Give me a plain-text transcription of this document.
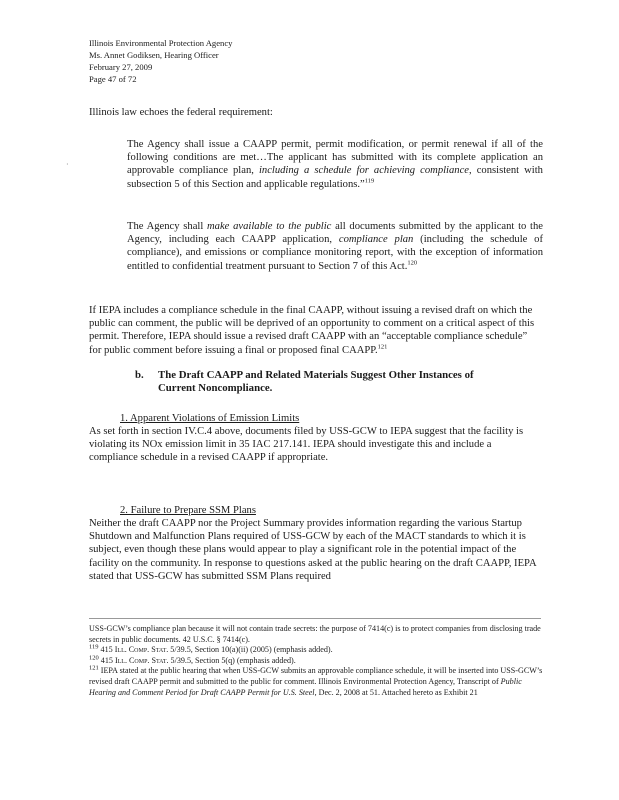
Illinois Environmental Protection Agency
Ms. Annet Godiksen, Hearing Officer
February 27, 2009
Page 47 of 72
·
Illinois law echoes the federal requirement:
The Agency shall issue a CAAPP permit, permit modification, or permit renewal if all of the following conditions are met…The applicant has submitted with its complete application an approvable compliance plan, including a schedule for achieving compliance, consistent with subsection 5 of this Section and applicable regulations.”$^{119}$
The Agency shall make available to the public all documents submitted by the applicant to the Agency, including each CAAPP application, compliance plan (including the schedule of compliance), and emissions or compliance monitoring report, with the exception of information entitled to confidential treatment pursuant to Section 7 of this Act.$^{120}$
If IEPA includes a compliance schedule in the final CAAPP, without issuing a revised draft on which the public can comment, the public will be deprived of an opportunity to comment on a critical aspect of this permit. Therefore, IEPA should issue a revised draft CAAPP with an “acceptable compliance schedule” for public comment before issuing a final or proposed final CAAPP.$^{121}$
b. The Draft CAAPP and Related Materials Suggest Other Instances of
Current Noncompliance.
1. Apparent Violations of Emission Limits
As set forth in section IV.C.4 above, documents filed by USS-GCW to IEPA suggest that the facility is violating its NOx emission limit in 35 IAC 217.141. IEPA should investigate this and include a compliance schedule in a revised CAAPP if appropriate.
2. Failure to Prepare SSM Plans
Neither the draft CAAPP nor the Project Summary provides information regarding the various Startup Shutdown and Malfunction Plans required of USS-GCW by each of the MACT standards to which it is subject, even though these plans would appear to play a significant role in the potential impact of the facility on the community. In response to questions asked at the public hearing on the draft CAAPP, IEPA stated that USS-GCW has submitted SSM Plans required
USS-GCW’s compliance plan because it will not contain trade secrets: the purpose of 7414(c) is to protect companies from disclosing trade secrets in public documents. 42 U.S.C. § 7414(c).
$^{119}$ 415 Ill. Comp. Stat. 5/39.5, Section 10(a)(ii) (2005) (emphasis added).
$^{120}$ 415 Ill. Comp. Stat. 5/39.5, Section 5(q) (emphasis added).
$^{121}$ IEPA stated at the public hearing that when USS-GCW submits an approvable compliance schedule, it will be inserted into USS-GCW’s revised draft CAAPP permit and submitted to the public for comment. Illinois Environmental Protection Agency, Transcript of Public Hearing and Comment Period for Draft CAAPP Permit for U.S. Steel, Dec. 2, 2008 at 51. Attached hereto as Exhibit 21
